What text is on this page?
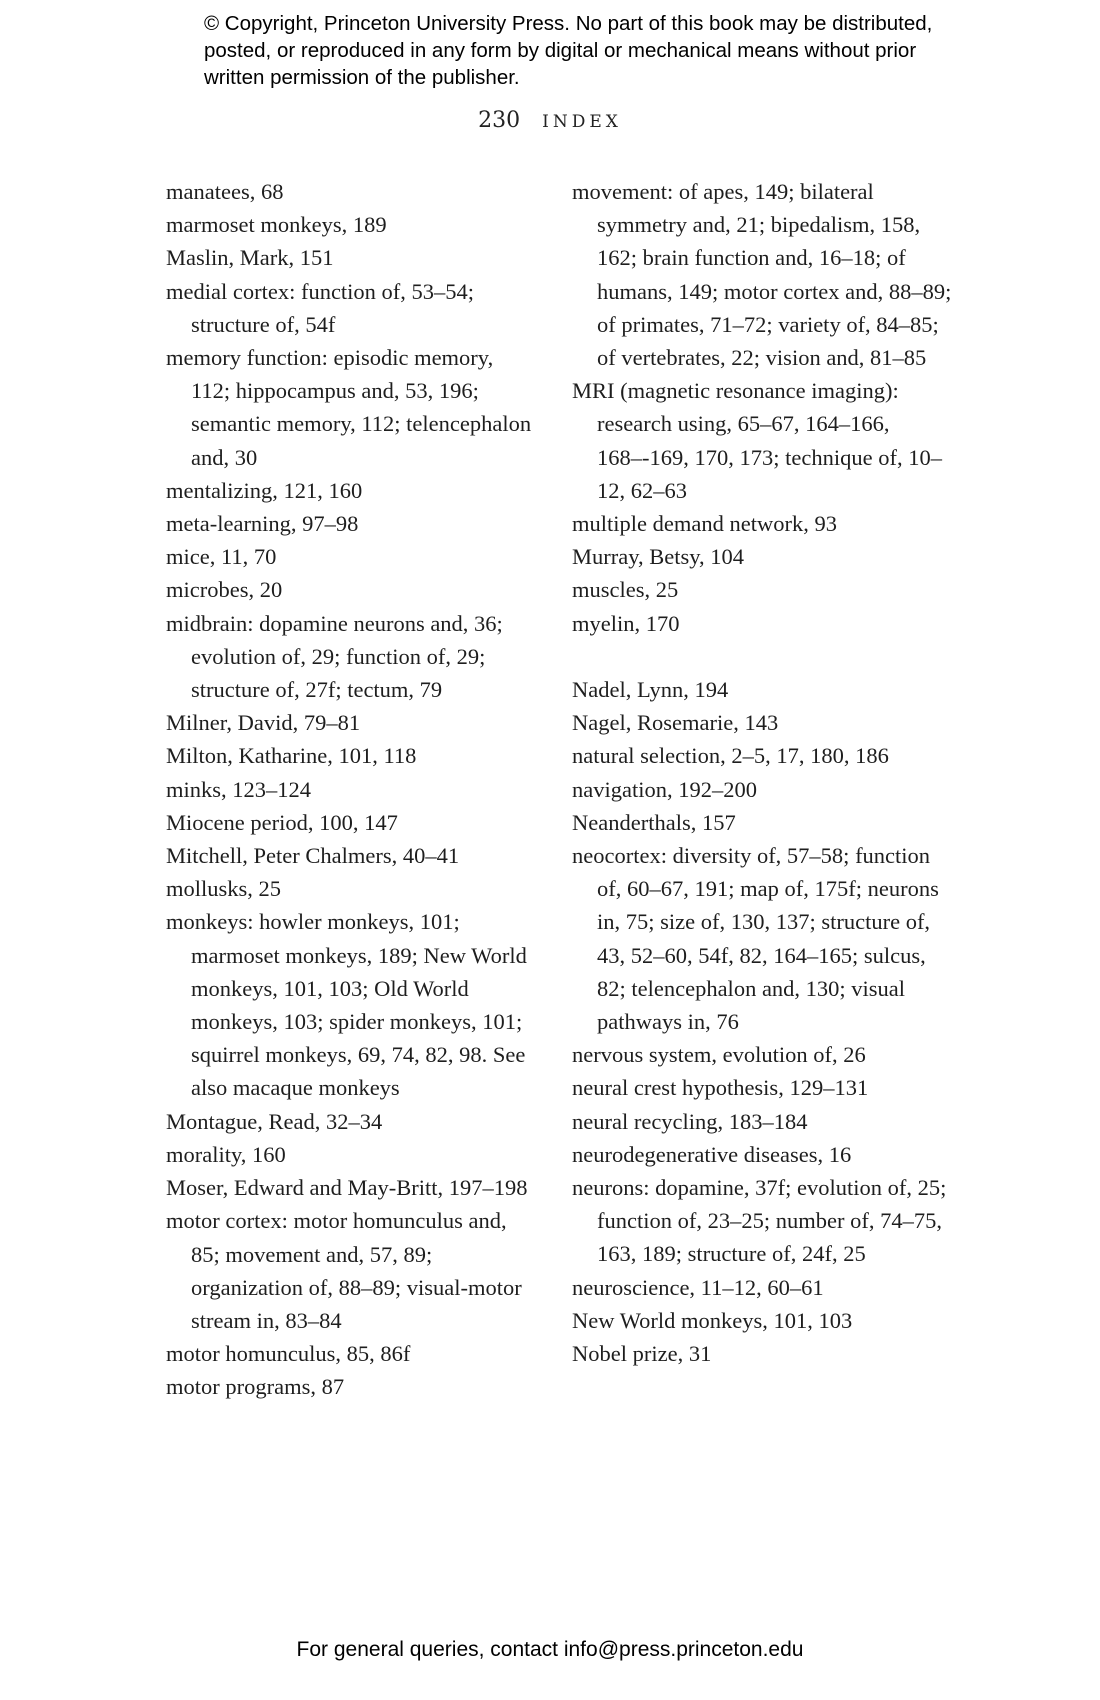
© Copyright, Princeton University Press. No part of this book may be distributed, posted, or reproduced in any form by digital or mechanical means without prior written permission of the publisher.
230 INDEX
manatees, 68
marmoset monkeys, 189
Maslin, Mark, 151
medial cortex: function of, 53–54; structure of, 54f
memory function: episodic memory, 112; hippocampus and, 53, 196; semantic memory, 112; telencephalon and, 30
mentalizing, 121, 160
meta-learning, 97–98
mice, 11, 70
microbes, 20
midbrain: dopamine neurons and, 36; evolution of, 29; function of, 29; structure of, 27f; tectum, 79
Milner, David, 79–81
Milton, Katharine, 101, 118
minks, 123–124
Miocene period, 100, 147
Mitchell, Peter Chalmers, 40–41
mollusks, 25
monkeys: howler monkeys, 101; marmoset monkeys, 189; New World monkeys, 101, 103; Old World monkeys, 103; spider monkeys, 101; squirrel monkeys, 69, 74, 82, 98. See also macaque monkeys
Montague, Read, 32–34
morality, 160
Moser, Edward and May-Britt, 197–198
motor cortex: motor homunculus and, 85; movement and, 57, 89; organization of, 88–89; visual-motor stream in, 83–84
motor homunculus, 85, 86f
motor programs, 87
movement: of apes, 149; bilateral symmetry and, 21; bipedalism, 158, 162; brain function and, 16–18; of humans, 149; motor cortex and, 88–89; of primates, 71–72; variety of, 84–85; of vertebrates, 22; vision and, 81–85
MRI (magnetic resonance imaging): research using, 65–67, 164–166, 168–-169, 170, 173; technique of, 10–12, 62–63
multiple demand network, 93
Murray, Betsy, 104
muscles, 25
myelin, 170
Nadel, Lynn, 194
Nagel, Rosemarie, 143
natural selection, 2–5, 17, 180, 186
navigation, 192–200
Neanderthals, 157
neocortex: diversity of, 57–58; function of, 60–67, 191; map of, 175f; neurons in, 75; size of, 130, 137; structure of, 43, 52–60, 54f, 82, 164–165; sulcus, 82; telencephalon and, 130; visual pathways in, 76
nervous system, evolution of, 26
neural crest hypothesis, 129–131
neural recycling, 183–184
neurodegenerative diseases, 16
neurons: dopamine, 37f; evolution of, 25; function of, 23–25; number of, 74–75, 163, 189; structure of, 24f, 25
neuroscience, 11–12, 60–61
New World monkeys, 101, 103
Nobel prize, 31
For general queries, contact info@press.princeton.edu
